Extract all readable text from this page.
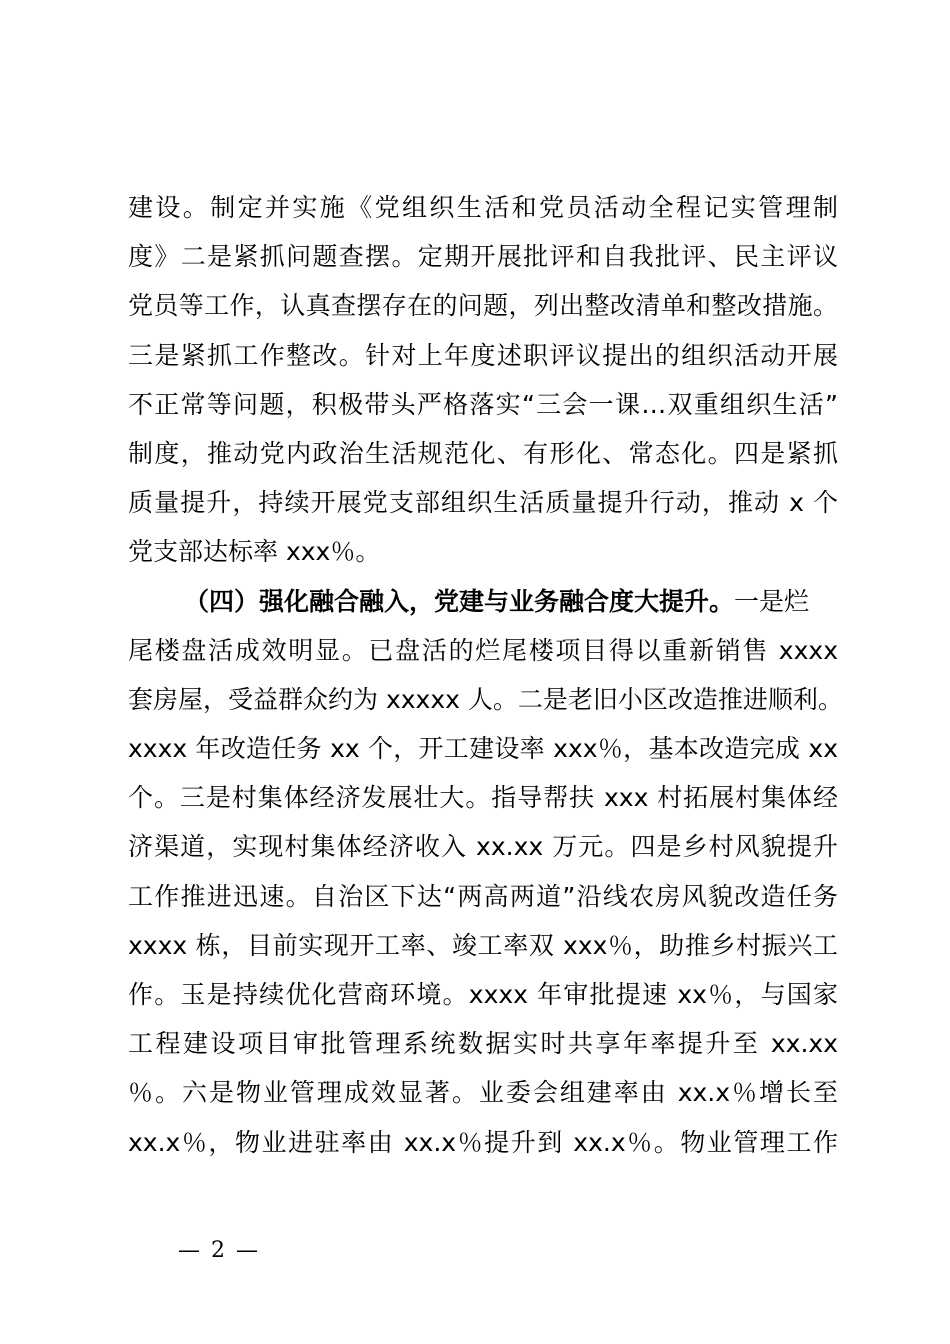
建设。制定并实施《党组织生活和党员活动全程记实管理制
度》二是紧抓问题查摆。定期开展批评和自我批评、民主评议
党员等工作，认真查摆存在的问题，列出整改清单和整改措施。
三是紧抓工作整改。针对上年度述职评议提出的组织活动开展
不正常等问题，积极带头严格落实“三会一课…双重组织生活”
制度，推动党内政治生活规范化、有形化、常态化。四是紧抓
质量提升，持续开展党支部组织生活质量提升行动，推动 x 个
党支部达标率 xxx％。
（四）强化融合融入，党建与业务融合度大提升。一是烂
尾楼盘活成效明显。已盘活的烂尾楼项目得以重新销售 xxxx
套房屋，受益群众约为 xxxxx 人。二是老旧小区改造推进顺利。
xxxx 年改造任务 xx 个，开工建设率 xxx％，基本改造完成 xx
个。三是村集体经济发展壮大。指导帮扶 xxx 村拓展村集体经
济渠道，实现村集体经济收入 xx.xx 万元。四是乡村风貌提升
工作推进迅速。自治区下达“两高两道”沿线农房风貌改造任务
xxxx 栋，目前实现开工率、竣工率双 xxx％，助推乡村振兴工
作。玉是持续优化营商环境。xxxx 年审批提速 xx％，与国家
工程建设项目审批管理系统数据实时共享年率提升至 xx.xx
％。六是物业管理成效显著。业委会组建率由 xx.x％增长至
xx.x％，物业进驻率由 xx.x％提升到 xx.x％。物业管理工作
— 2 —
